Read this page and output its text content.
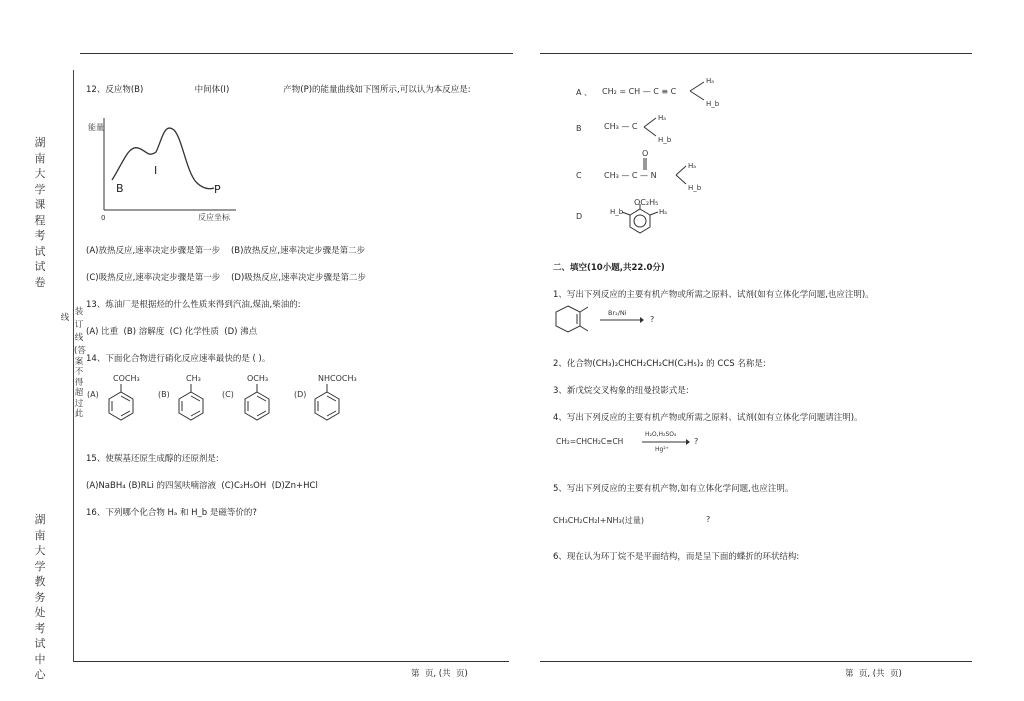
湖南大学课程考试试卷
湖南大学教务处考试中心
线
装
订
线
(答案不得超过此
12、反应物(B)                   中间体(I)                    产物(P)的能量曲线如下图所示,可以认为本反应是:
能量
B
I
P
0	反应坐标
(A)放热反应,速率决定步骤是第一步    (B)放热反应,速率决定步骤是第二步
(C)吸热反应,速率决定步骤是第一步    (D)吸热反应,速率决定步骤是第二步
13、炼油厂是根据烃的什么性质来得到汽油,煤油,柴油的:
(A) 比重  (B) 溶解度  (C) 化学性质  (D) 沸点
14、下面化合物进行硝化反应速率最快的是 ( )。
(A)
COCH₃
(B)
CH₃
(C)
OCH₃
(D)
NHCOCH₃
15、使羰基还原生成醇的还原剂是:
(A)NaBH₄ (B)RLi 的四氢呋喃溶液  (C)C₂H₅OH  (D)Zn+HCl
16、下列哪个化合物 Hₐ 和 H_b 是磁等价的?
第  页, (共  页)
A 、 CH₂ = CH — C ≡ C
Hₐ
H_b
B	CH₃ — C
Hₐ
H_b
C
O
CH₃ — C — N
Hₐ
H_b
D
OC₂H₅
H_b	Hₐ
二、填空(10小题,共22.0分)
1、写出下列反应的主要有机产物或所需之原料、试剂(如有立体化学问题,也应注明)。
Br₂/Ni
?
2、化合物(CH₃)₂CHCH₂CH₂CH(C₂H₅)₂ 的 CCS 名称是:
3、新戊烷交叉构象的纽曼投影式是:
4、写出下列反应的主要有机产物或所需之原料、试剂(如有立体化学问题请注明)。
CH₂=CHCH₂C≡CH
H₂O,H₂SO₄
Hg²⁺
?
5、写出下列反应的主要有机产物,如有立体化学问题,也应注明。
CH₃CH₂CH₂I+NH₃(过量)	?
6、现在认为环丁烷不是平面结构，而是呈下面的蝶折的环状结构:
第  页, (共  页)
